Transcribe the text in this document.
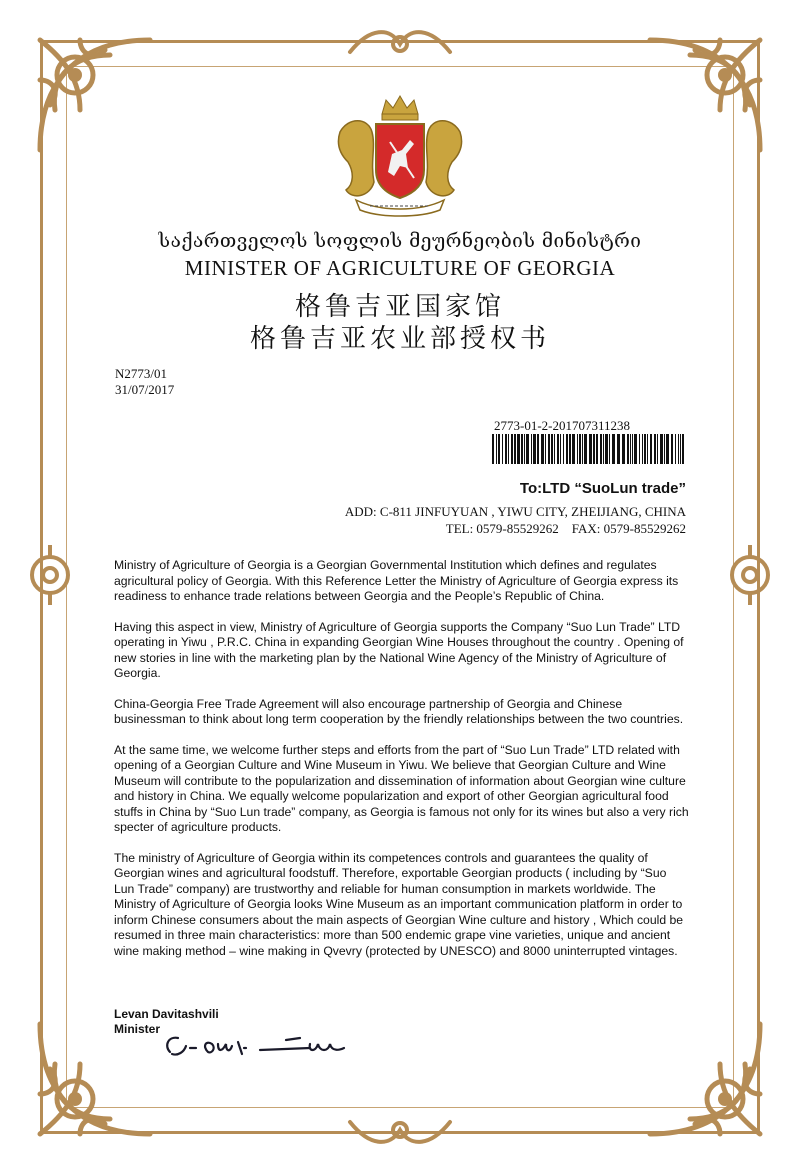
საქართველოს სოფლის მეურნეობის მინისტრი
MINISTER OF AGRICULTURE OF GEORGIA
格鲁吉亚国家馆
格鲁吉亚农业部授权书
N2773/01
31/07/2017
2773-01-2-201707311238
To:LTD “SuoLun trade”
ADD: C-811 JINFUYUAN , YIWU CITY, ZHEIJIANG, CHINA
TEL: 0579-85529262    FAX: 0579-85529262

Ministry of Agriculture of Georgia is a Georgian Governmental Institution which defines and regulates agricultural policy of Georgia. With this Reference Letter the Ministry of Agriculture of Georgia express its readiness to enhance trade relations between Georgia and the People’s Republic of China.

Having this aspect in view, Ministry of Agriculture of Georgia supports the Company “Suo Lun Trade” LTD operating in Yiwu , P.R.C. China in expanding Georgian Wine Houses throughout the country . Opening of new stories in line with the marketing plan by the National Wine Agency of the Ministry of Agriculture of Georgia.

China-Georgia Free Trade Agreement will also encourage partnership of Georgia and Chinese businessman to think about long term cooperation by the friendly relationships between the two countries.

At the same time, we welcome further steps and efforts from the part of “Suo Lun Trade” LTD related with opening of a Georgian Culture and Wine Museum in Yiwu. We believe that Georgian Culture and Wine Museum will contribute to the popularization and dissemination of information about Georgian wine culture and history in China. We equally welcome popularization and export of other Georgian agricultural food stuffs in China by “Suo Lun trade” company, as Georgia is famous not only for its wines but also a very rich specter of agriculture products.

The ministry of Agriculture of Georgia within its competences controls and guarantees the quality of Georgian wines and agricultural foodstuff. Therefore, exportable Georgian products ( including by “Suo Lun Trade” company) are trustworthy and reliable for human consumption in markets worldwide. The Ministry of Agriculture of Georgia looks Wine Museum as an important communication platform in order to inform Chinese consumers about the main aspects of Georgian Wine culture and history , Which could be resumed in three main characteristics: more than 500 endemic grape vine varieties, unique and ancient wine making method – wine making in Qvevry (protected by UNESCO) and 8000 uninterrupted vintages.

Levan Davitashvili
Minister
